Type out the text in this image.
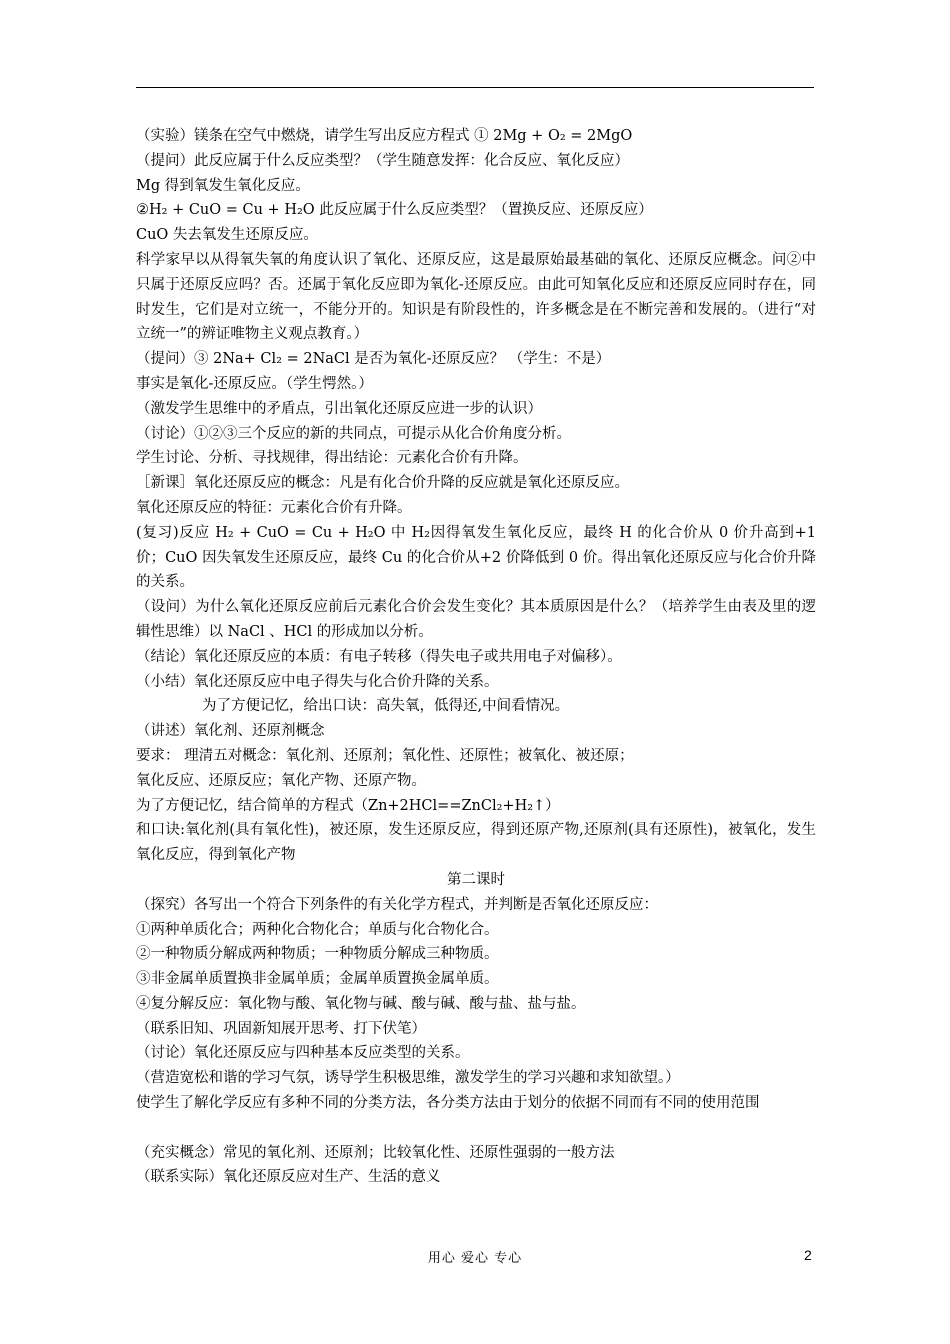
（实验）镁条在空气中燃烧，请学生写出反应方程式 ① 2Mg + O₂ = 2MgO
（提问）此反应属于什么反应类型？（学生随意发挥：化合反应、氧化反应）
Mg 得到氧发生氧化反应。
②H₂ + CuO = Cu + H₂O 此反应属于什么反应类型？（置换反应、还原反应）
CuO 失去氧发生还原反应。
科学家早以从得氧失氧的角度认识了氧化、还原反应，这是最原始最基础的氧化、还原反应概念。问②中只属于还原反应吗？否。还属于氧化反应即为氧化-还原反应。由此可知氧化反应和还原反应同时存在，同时发生，它们是对立统一，不能分开的。知识是有阶段性的，许多概念是在不断完善和发展的。（进行“对立统一”的辨证唯物主义观点教育。）
（提问）③ 2Na+ Cl₂ = 2NaCl 是否为氧化-还原反应？ （学生：不是）
事实是氧化-还原反应。（学生愕然。）
（激发学生思维中的矛盾点，引出氧化还原反应进一步的认识）
（讨论）①②③三个反应的新的共同点，可提示从化合价角度分析。
学生讨论、分析、寻找规律，得出结论：元素化合价有升降。
［新课］氧化还原反应的概念：凡是有化合价升降的反应就是氧化还原反应。
氧化还原反应的特征：元素化合价有升降。
(复习)反应 H₂ + CuO = Cu + H₂O 中 H₂因得氧发生氧化反应，最终 H 的化合价从 0 价升高到+1 价；CuO 因失氧发生还原反应，最终 Cu 的化合价从+2 价降低到 0 价。得出氧化还原反应与化合价升降的关系。
（设问）为什么氧化还原反应前后元素化合价会发生变化？其本质原因是什么？（培养学生由表及里的逻辑性思维）以 NaCl 、HCl 的形成加以分析。
（结论）氧化还原反应的本质：有电子转移（得失电子或共用电子对偏移）。
（小结）氧化还原反应中电子得失与化合价升降的关系。
为了方便记忆，给出口诀：高失氧，低得还,中间看情况。
（讲述）氧化剂、还原剂概念
要求： 理清五对概念：氧化剂、还原剂；氧化性、还原性；被氧化、被还原；
氧化反应、还原反应；氧化产物、还原产物。
为了方便记忆，结合简单的方程式（Zn+2HCl==ZnCl₂+H₂↑）
和口诀:氧化剂(具有氧化性)，被还原，发生还原反应，得到还原产物,还原剂(具有还原性)，被氧化，发生氧化反应，得到氧化产物
第二课时
（探究）各写出一个符合下列条件的有关化学方程式，并判断是否氧化还原反应：
①两种单质化合；两种化合物化合；单质与化合物化合。
②一种物质分解成两种物质；一种物质分解成三种物质。
③非金属单质置换非金属单质；金属单质置换金属单质。
④复分解反应：氧化物与酸、氧化物与碱、酸与碱、酸与盐、盐与盐。
（联系旧知、巩固新知展开思考、打下伏笔）
（讨论）氧化还原反应与四种基本反应类型的关系。
（营造宽松和谐的学习气氛，诱导学生积极思维，激发学生的学习兴趣和求知欲望。）
使学生了解化学反应有多种不同的分类方法，各分类方法由于划分的依据不同而有不同的使用范围
（充实概念）常见的氧化剂、还原剂；比较氧化性、还原性强弱的一般方法
（联系实际）氧化还原反应对生产、生活的意义
用心 爱心 专心	2
